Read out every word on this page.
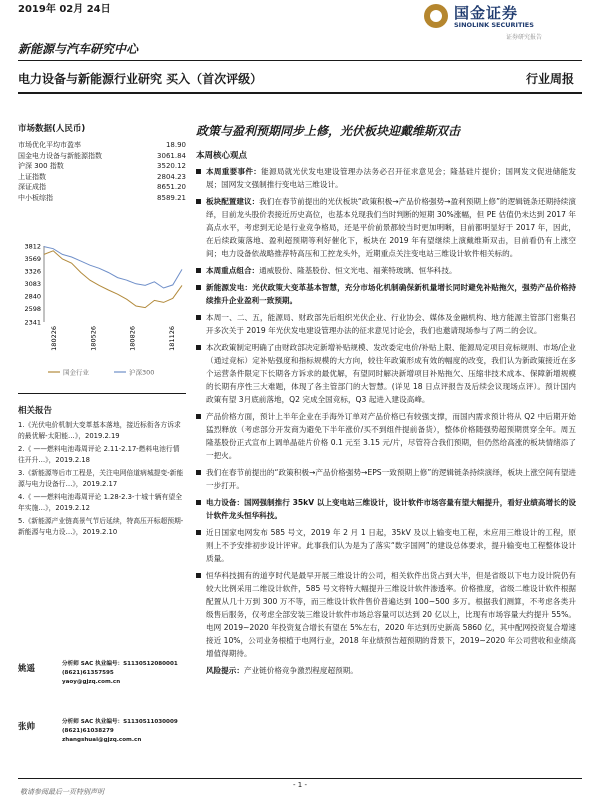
2019年 02月 24日	国金证券
SINOLINK SECURITIES
证券研究报告
新能源与汽车研究中心
电力设备与新能源行业研究 买入（首次评级）	行业周报
市场数据(人民币)
市场优化平均市盈率	18.90
国金电力设备与新能源指数	3061.84
沪深 300 指数	3520.12
上证指数	2804.23
深证成指	8651.20
中小板综指	8589.21
3812
3569
3326
3083
2840
2598
2341
180226	180526	180826	181126
国金行业	沪深300
相关报告
1.《光伏电价机制大变革基本落地，接近标衔各方诉求的最优解-太阳能…》，2019.2.19
2.《 ——燃料电池毒周评论 2.11-2.17-燃料电池行情往开升…》，2019.2.18
3.《新能源等后市工程是，关注电网倍道病城提变-新能源与电力设备行…》，2019.2.17
4.《 ——燃料电池毒周评论 1.28-2.3-十城十辆有望全年实施…》，2019.2.12
5.《新能源产业链高景气节后延续，特高压开标超预期-新能源与电力设…》，2019.2.10
姚遥	分析师 SAC 执业编号：S1130512080001
(8621)61357595
yaoy@gjzq.com.cn
张帅	分析师 SAC 执业编号：S1130511030009
(8621)61038279
zhangshuai@gjzq.com.cn
政策与盈利预期同步上修，光伏板块迎戴维斯双击
本周核心观点
本周重要事件：能源局就光伏发电建设管理办法务必召开征求意见会；隆基硅片提价；国网发文促进储能发展；国网发文强制推行变电站三维设计。
板块配置建议：我们在春节前提出的光伏板块“政策积极→产品价格强势→盈利预期上修”的逻辑链条还期持续演绎，目前龙头股价表接近历史高位，也基本兑现我们当时判断的短期 30%涨幅，但 PE 估值仍未达到 2017 年高点水平，考虑到无论是行业竞争格局，还是平价前景都较当时更加明晰，目前都明显好于 2017 年，因此，在后续政策落地、盈利超预期等利好催化下，板块在 2019 年有望继续上演戴维斯双击，目前看仍有上涨空间；电力设备依战略推荐特高压和工控龙头外，近期重点关注变电站三维设计软件相关标的。
本周重点组合：通威股份、隆基股份、恒文光电、福莱特玻璃、恒华科技。
新能源发电：光伏政策大变革基本智慧，充分市场化机制确保新机量增长同时避免补贴拖欠，强势产品价格持续推升企业盈利一致预期。
本周一、二、五，能源局、财政部先后组织光伏企业、行业协会、媒体及金融机构、地方能源主管部门密集召开多次关于 2019 年光伏发电建设管理办法的征求意见讨论会，我们也邀请现场参与了两二的会议。
本次政策制定明确了由财政部决定新增补贴规模、发改委定电价/补贴上限、能源局定项目竞标规则、市场/企业（通过竞标）定补贴强度和指标规模的大方向，较往年政策形成有效的幅度的改变，我们认为新政策接近在多个运营条件限定下长期各方诉求的最优解，有望同时解决新增项目补贴拖欠、压缩非技术成本、保障新增规模的长期有序性三大难题，体现了各主管部门的大智慧。(详见 18 日点评报告及后续会议现场点评）。预计国内政策有望 3月底前落地，Q2 完成全国竞标，Q3 起进入建设高峰。
产品价格方面，预计上半年企业在手海外订单对产品价格已有较强支撑，而国内需求预计将从 Q2 中后期开始猛烈释放（考虑部分开发商为避免下半年涨价/买不到组件提前备货），整体价格随强势超预期贯穿全年。周五隆基股份正式宣布上调单晶硅片价格 0.1 元至 3.15 元/片，尽管符合我们预期，但仍然给高涨的板块情绪添了一把火。
我们在春节前提出的“政策积极→产品价格强势→EPS一致预期上修”的逻辑链条持续演绎，板块上涨空间有望进一步打开。
电力设备：国网强制推行 35kV 以上变电站三维设计，设计软件市场容量有望大幅提升，看好业绩高增长的设计软件龙头恒华科技。
近日国家电网发布 585 号文，2019 年 2 月 1 日起，35kV 及以上输变电工程，未应用三维设计的工程，原则上不予安排初步设计评审。此事我们认为是为了落实“数字国网”的建设总体要求，提升输变电工程整体设计质量。
恒华科技拥有的道亨时代是最早开展三维设计的公司，相关软件出货占到大半，但是省级以下电力设计院仍有较大比例采用二维设计软件，585 号文将特大幅提升三维设计软件渗透率。价格推度，省级二维设计软件根据配置从几十万到 300 万不等，而三维设计软件售价普遍达到 100~500 多万。根据我们测算，不考虑各类升级售后服务，仅考虑全部安装三维设计软件市场总容量可以达到 20 亿以上，比现有市场容量大约提升 55%。电网 2019~2020 年投资复合增长有望在 5%左右，2020 年达到历史新高 5860 亿，其中配网投资复合增速接近 10%，公司业务根植于电网行业，2018 年业绩预告超预期的背景下，2019~2020 年公司营收和业绩高增值得期待。
风险提示：产业链价格竞争激烈程度超预期。
- 1 -
敬请参阅最后一页特别声明
